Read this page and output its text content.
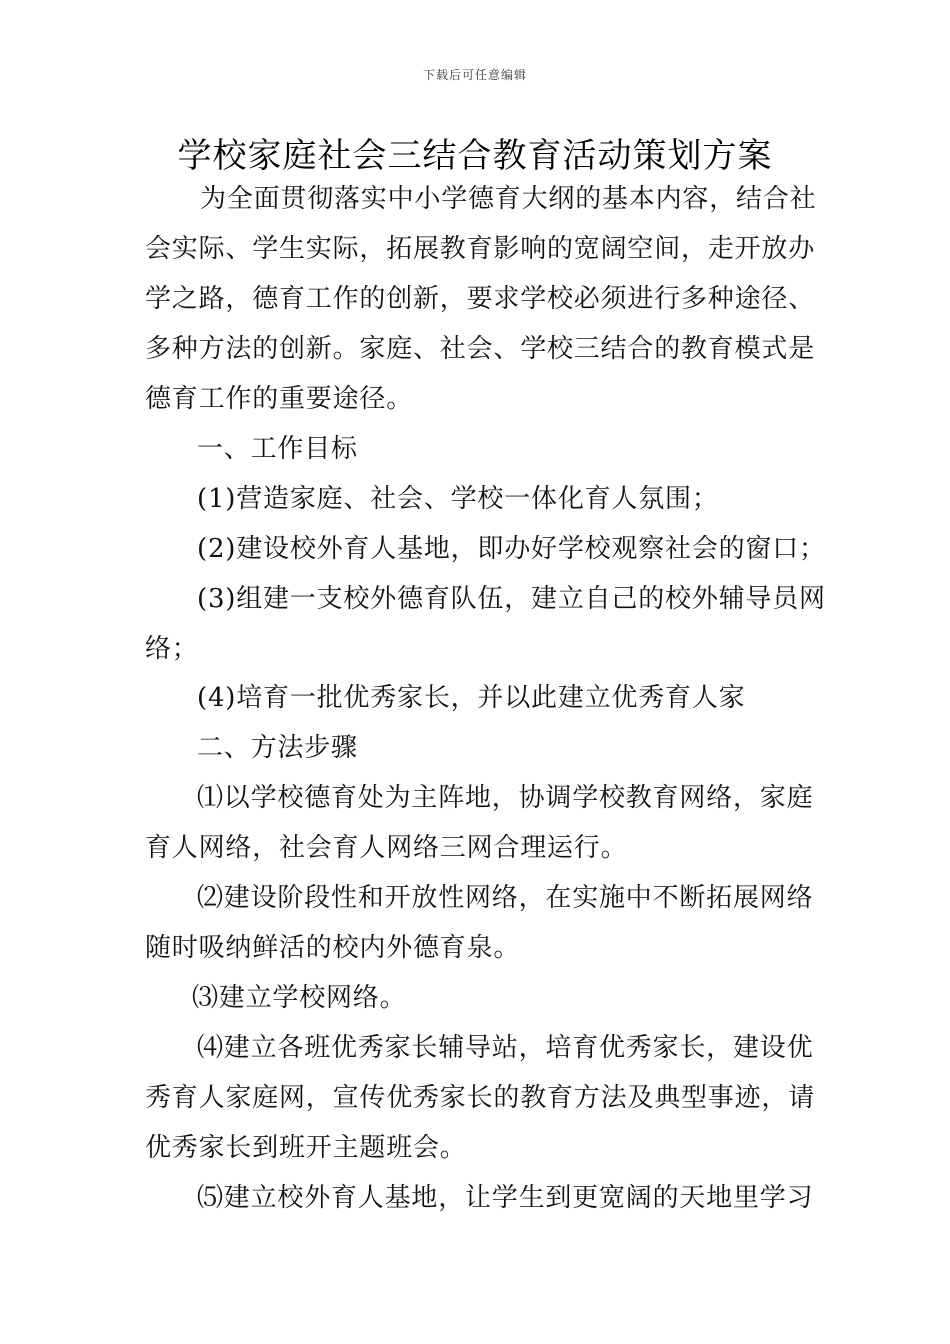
下载后可任意编辑
学校家庭社会三结合教育活动策划方案
为全面贯彻落实中小学德育大纲的基本内容，结合社
会实际、学生实际，拓展教育影响的宽阔空间，走开放办
学之路，德育工作的创新，要求学校必须进行多种途径、
多种方法的创新。家庭、社会、学校三结合的教育模式是
德育工作的重要途径。
一、工作目标
(1)营造家庭、社会、学校一体化育人氛围；
(2)建设校外育人基地，即办好学校观察社会的窗口；
(3)组建一支校外德育队伍，建立自己的校外辅导员网
络；
(4)培育一批优秀家长，并以此建立优秀育人家
二、方法步骤
⑴以学校德育处为主阵地，协调学校教育网络，家庭
育人网络，社会育人网络三网合理运行。
⑵建设阶段性和开放性网络，在实施中不断拓展网络
随时吸纳鲜活的校内外德育泉。
⑶建立学校网络。
⑷建立各班优秀家长辅导站，培育优秀家长，建设优
秀育人家庭网，宣传优秀家长的教育方法及典型事迹，请
优秀家长到班开主题班会。
⑸建立校外育人基地，让学生到更宽阔的天地里学习
